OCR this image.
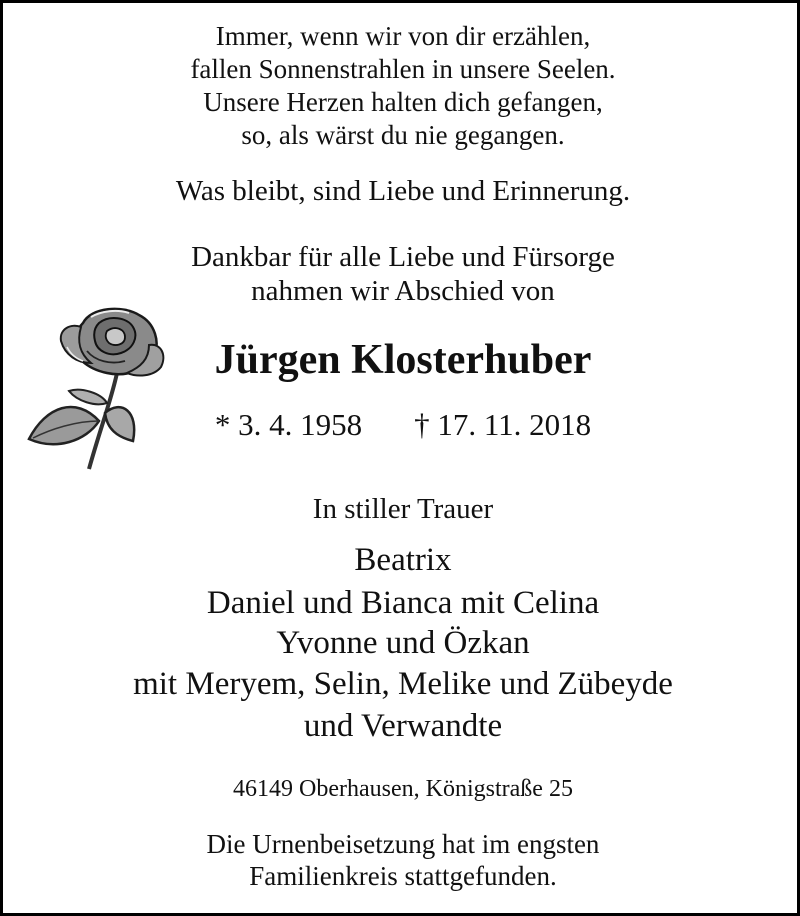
Immer, wenn wir von dir erzählen,
fallen Sonnenstrahlen in unsere Seelen.
Unsere Herzen halten dich gefangen,
so, als wärst du nie gegangen.
Was bleibt, sind Liebe und Erinnerung.
Dankbar für alle Liebe und Fürsorge
nahmen wir Abschied von
Jürgen Klosterhuber
* 3. 4. 1958 † 17. 11. 2018
In stiller Trauer
Beatrix
Daniel und Bianca mit Celina
Yvonne und Özkan
mit Meryem, Selin, Melike und Zübeyde
und Verwandte
46149 Oberhausen, Königstraße 25
Die Urnenbeisetzung hat im engsten
Familienkreis stattgefunden.
